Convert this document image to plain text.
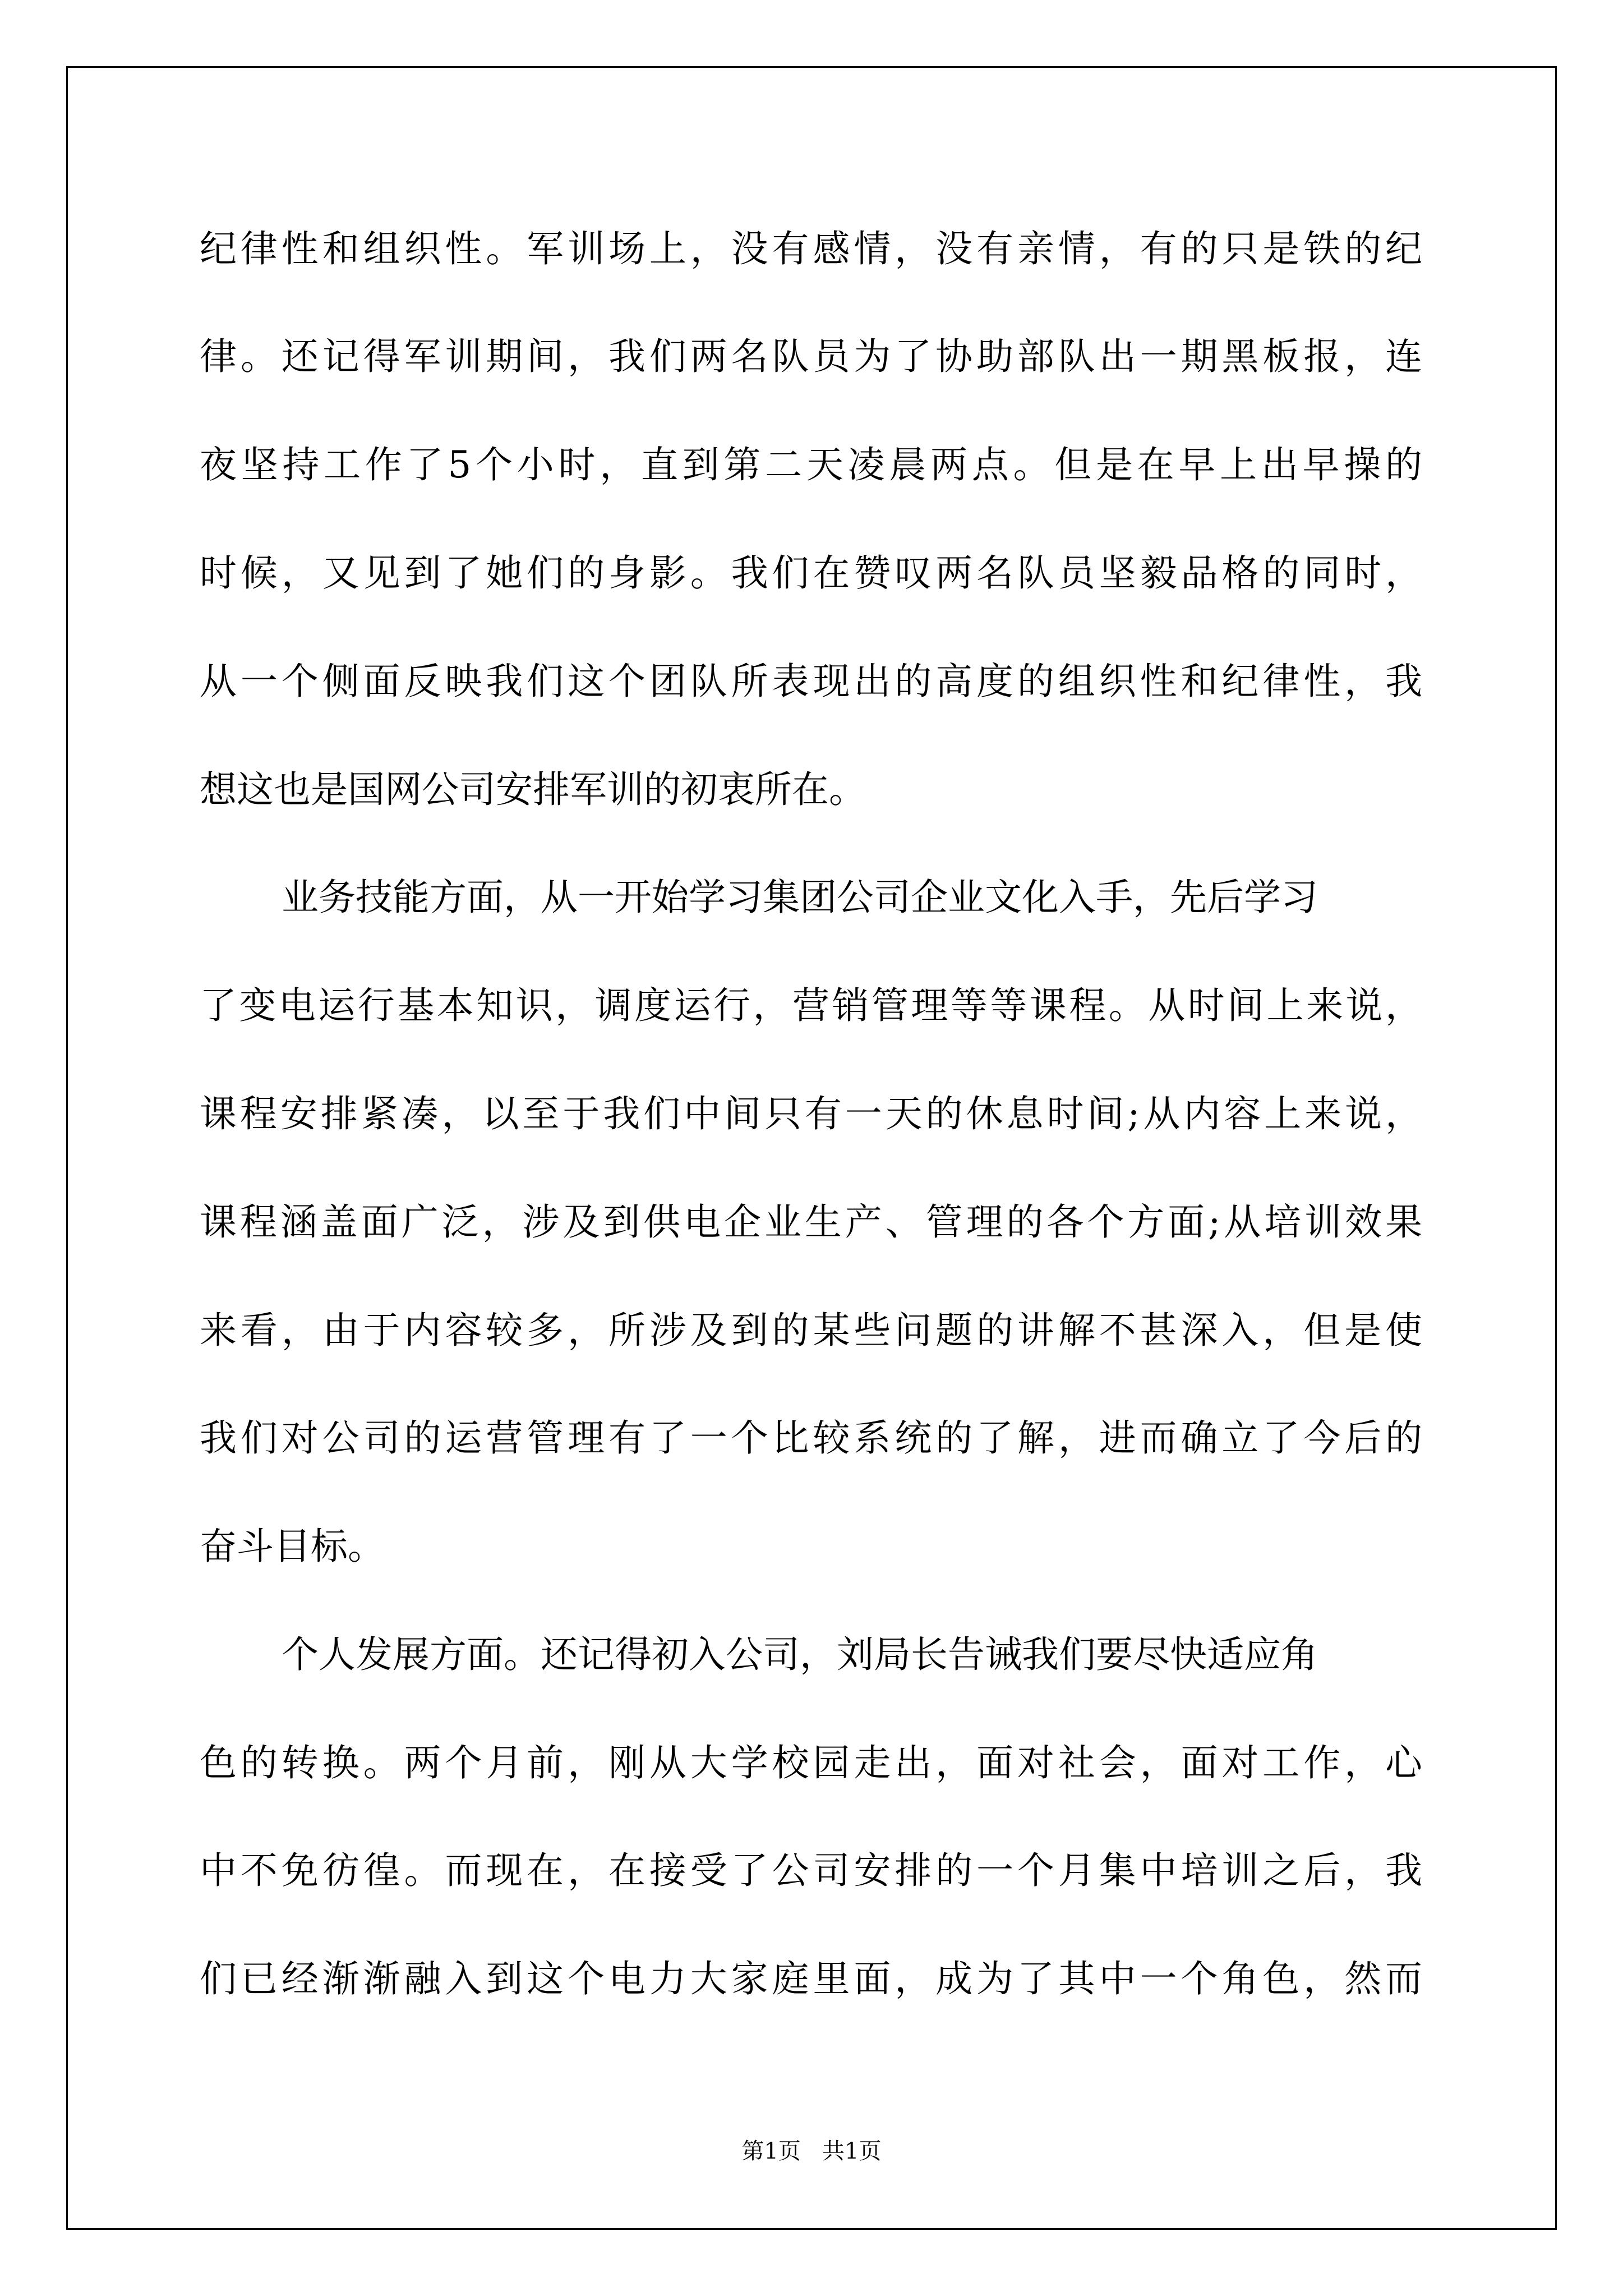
纪律性和组织性。军训场上，没有感情，没有亲情，有的只是铁的纪

律。还记得军训期间，我们两名队员为了协助部队出一期黑板报，连

夜坚持工作了5个小时，直到第二天凌晨两点。但是在早上出早操的

时候，又见到了她们的身影。我们在赞叹两名队员坚毅品格的同时，

从一个侧面反映我们这个团队所表现出的高度的组织性和纪律性，我

想这也是国网公司安排军训的初衷所在。

业务技能方面，从一开始学习集团公司企业文化入手，先后学习

了变电运行基本知识，调度运行，营销管理等等课程。从时间上来说，

课程安排紧凑，以至于我们中间只有一天的休息时间;从内容上来说，

课程涵盖面广泛，涉及到供电企业生产、管理的各个方面;从培训效果

来看，由于内容较多，所涉及到的某些问题的讲解不甚深入，但是使

我们对公司的运营管理有了一个比较系统的了解，进而确立了今后的

奋斗目标。

个人发展方面。还记得初入公司，刘局长告诫我们要尽快适应角

色的转换。两个月前，刚从大学校园走出，面对社会，面对工作，心

中不免彷徨。而现在，在接受了公司安排的一个月集中培训之后，我

们已经渐渐融入到这个电力大家庭里面，成为了其中一个角色，然而

第1页   共1页
